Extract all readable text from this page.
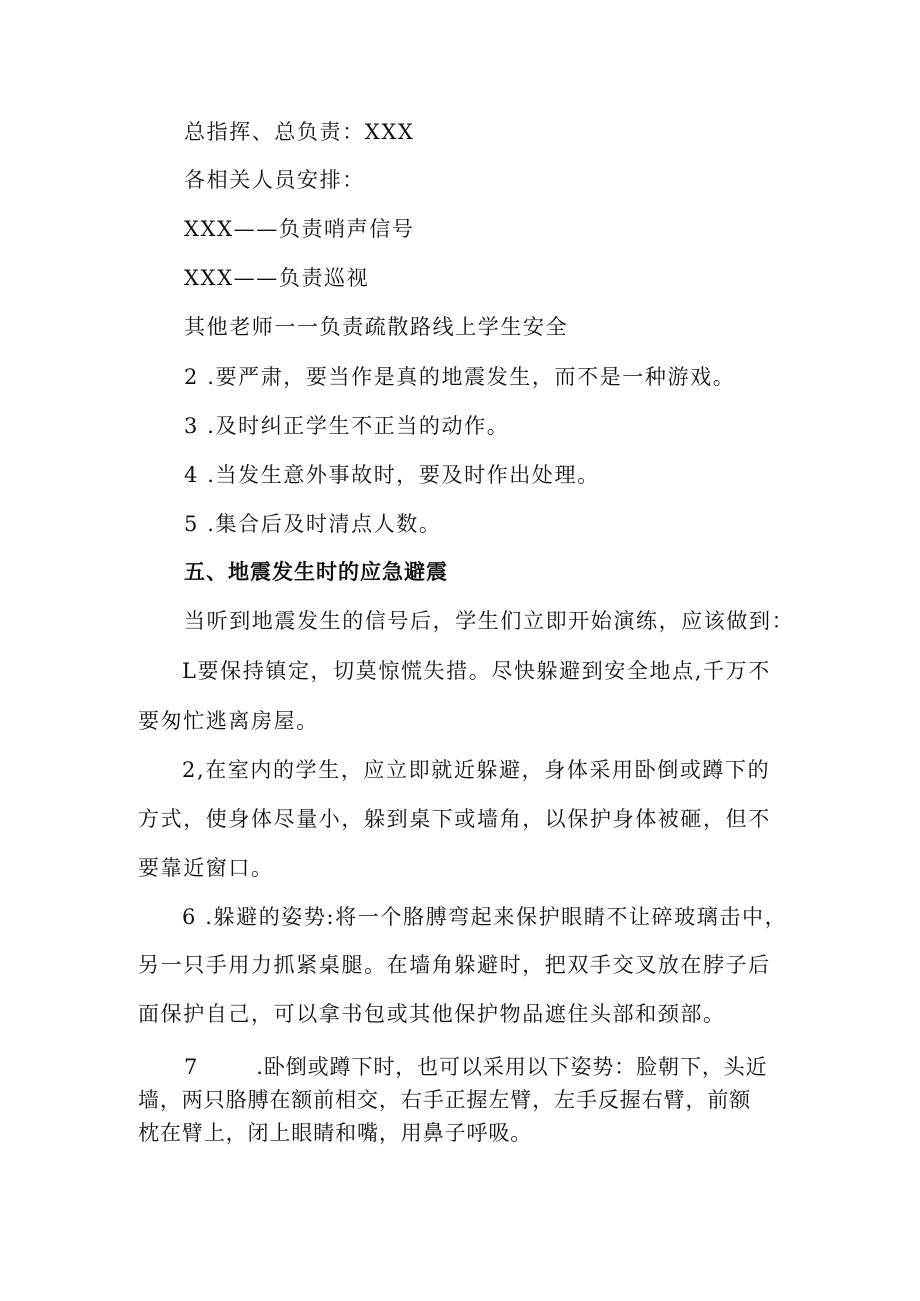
总指挥、总负责：XXX
各相关人员安排：
XXX——负责哨声信号
XXX——负责巡视
其他老师一一负责疏散路线上学生安全
2 .要严肃，要当作是真的地震发生，而不是一种游戏。
3 .及时纠正学生不正当的动作。
4 .当发生意外事故时，要及时作出处理。
5 .集合后及时清点人数。
五、地震发生时的应急避震
当听到地震发生的信号后，学生们立即开始演练，应该做到：
L要保持镇定，切莫惊慌失措。尽快躲避到安全地点,千万不
要匆忙逃离房屋。
2,在室内的学生，应立即就近躲避，身体采用卧倒或蹲下的
方式，使身体尽量小，躲到桌下或墙角，以保护身体被砸，但不
要靠近窗口。
6 .躲避的姿势:将一个胳膊弯起来保护眼睛不让碎玻璃击中，
另一只手用力抓紧桌腿。在墙角躲避时，把双手交叉放在脖子后
面保护自己，可以拿书包或其他保护物品遮住头部和颈部。
7	.卧倒或蹲下时，也可以采用以下姿势：脸朝下，头近
墙，两只胳膊在额前相交，右手正握左臂，左手反握右臂，前额
枕在臂上，闭上眼睛和嘴，用鼻子呼吸。
